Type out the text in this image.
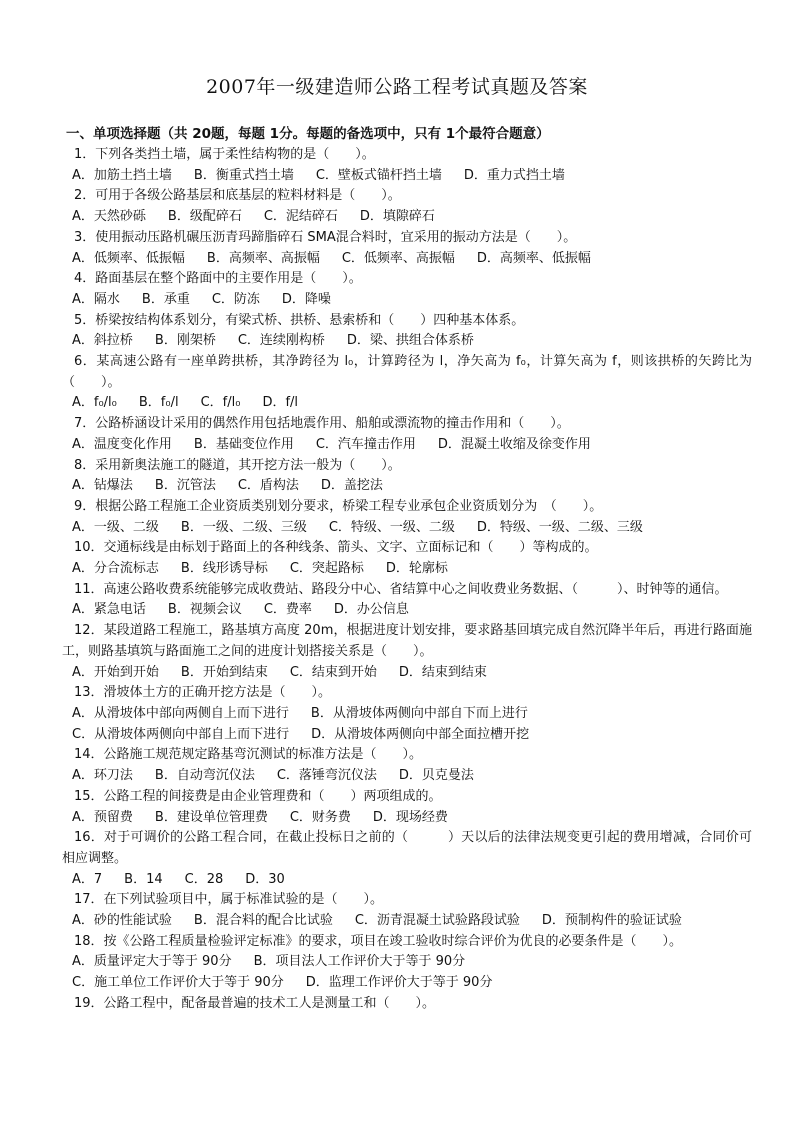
2007年一级建造师公路工程考试真题及答案
一、单项选择题（共 20题，每题 1分。每题的备选项中，只有 1个最符合题意）
1．下列各类挡土墙，属于柔性结构物的是（　　）。
A．加筋土挡土墙 B．衡重式挡土墙 C．壁板式锚杆挡土墙 D．重力式挡土墙
2．可用于各级公路基层和底基层的粒料材料是（　　）。
A．天然砂砾 B．级配碎石 C．泥结碎石 D．填隙碎石
3．使用振动压路机碾压沥青玛蹄脂碎石 SMA混合料时，宜采用的振动方法是（　　）。
A．低频率、低振幅 B．高频率、高振幅 C．低频率、高振幅 D．高频率、低振幅
4．路面基层在整个路面中的主要作用是（　　）。
A．隔水 B．承重 C．防冻 D．降噪
5．桥梁按结构体系划分，有梁式桥、拱桥、悬索桥和（　　）四种基本体系。
A．斜拉桥 B．刚架桥 C．连续刚构桥 D．梁、拱组合体系桥
6．某高速公路有一座单跨拱桥，其净跨径为 l₀，计算跨径为 l，净矢高为 f₀，计算矢高为 f，则该拱桥的矢跨比为（　　）。
A．f₀/l₀ B．f₀/l C．f/l₀ D．f/l
7．公路桥涵设计采用的偶然作用包括地震作用、船舶或漂流物的撞击作用和（　　）。
A．温度变化作用 B．基础变位作用 C．汽车撞击作用 D．混凝土收缩及徐变作用
8．采用新奥法施工的隧道，其开挖方法一般为（　　）。
A．钻爆法 B．沉管法 C．盾构法 D．盖挖法
9．根据公路工程施工企业资质类别划分要求，桥梁工程专业承包企业资质划分为　（　　）。
A．一级、二级 B．一级、二级、三级 C．特级、一级、二级 D．特级、一级、二级、三级
10．交通标线是由标划于路面上的各种线条、箭头、文字、立面标记和（　　）等构成的。
A．分合流标志 B．线形诱导标 C．突起路标 D．轮廓标
11．高速公路收费系统能够完成收费站、路段分中心、省结算中心之间收费业务数据、（　　　）、时钟等的通信。
A．紧急电话 B．视频会议 C．费率 D．办公信息
12．某段道路工程施工，路基填方高度 20m，根据进度计划安排，要求路基回填完成自然沉降半年后，再进行路面施工，则路基填筑与路面施工之间的进度计划搭接关系是（　　）。
A．开始到开始 B．开始到结束 C．结束到开始 D．结束到结束
13．滑坡体土方的正确开挖方法是（　　）。
A．从滑坡体中部向两侧自上而下进行 B．从滑坡体两侧向中部自下而上进行
C．从滑坡体两侧向中部自上而下进行 D．从滑坡体两侧向中部全面拉槽开挖
14．公路施工规范规定路基弯沉测试的标准方法是（　　）。
A．环刀法 B．自动弯沉仪法 C．落锤弯沉仪法 D．贝克曼法
15．公路工程的间接费是由企业管理费和（　　）两项组成的。
A．预留费 B．建设单位管理费 C．财务费 D．现场经费
16．对于可调价的公路工程合同，在截止投标日之前的（　　　）天以后的法律法规变更引起的费用增减，合同价可相应调整。
A．7 B．14 C．28 D．30
17．在下列试验项目中，属于标准试验的是（　　）。
A．砂的性能试验 B．混合料的配合比试验 C．沥青混凝土试验路段试验 D．预制构件的验证试验
18．按《公路工程质量检验评定标准》的要求，项目在竣工验收时综合评价为优良的必要条件是（　　）。
A．质量评定大于等于 90分 B．项目法人工作评价大于等于 90分
C．施工单位工作评价大于等于 90分 D．监理工作评价大于等于 90分
19．公路工程中，配备最普遍的技术工人是测量工和（　　）。
